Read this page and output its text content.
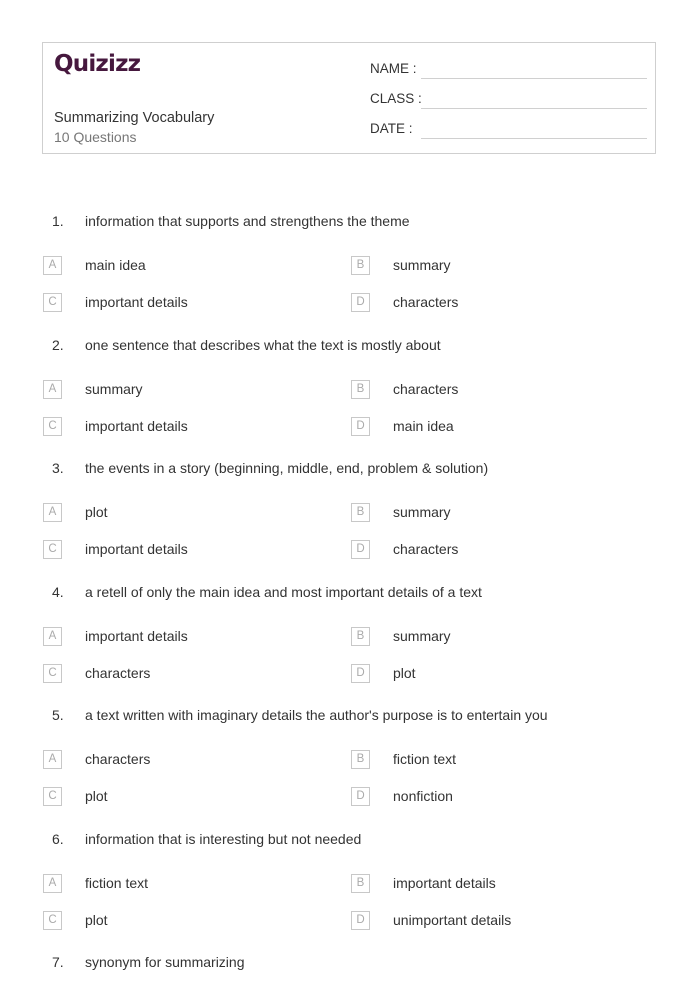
Quizizz
Summarizing Vocabulary
10 Questions
NAME :
CLASS :
DATE :
1. information that supports and strengthens the theme
A	main idea	B	summary
C	important details	D	characters
2. one sentence that describes what the text is mostly about
A	summary	B	characters
C	important details	D	main idea
3. the events in a story (beginning, middle, end, problem & solution)
A	plot	B	summary
C	important details	D	characters
4. a retell of only the main idea and most important details of a text
A	important details	B	summary
C	characters	D	plot
5. a text written with imaginary details the author's purpose is to entertain you
A	characters	B	fiction text
C	plot	D	nonfiction
6. information that is interesting but not needed
A	fiction text	B	important details
C	plot	D	unimportant details
7. synonym for summarizing
